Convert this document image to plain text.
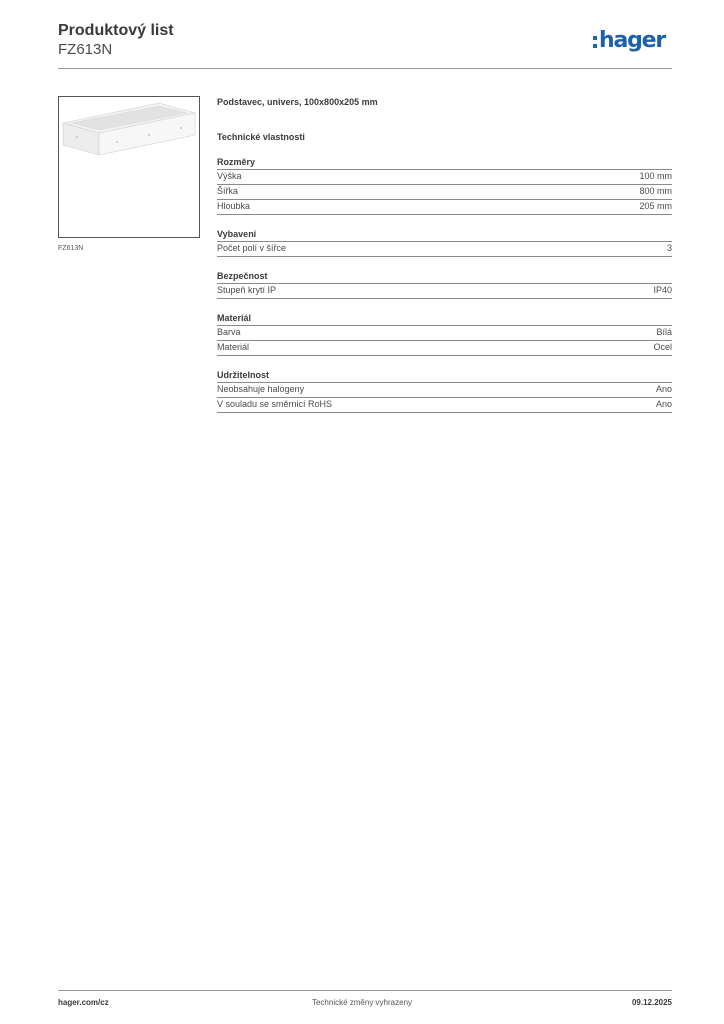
Produktový list
FZ613N	hager
FZ613N

Podstavec, univers, 100x800x205 mm

Technické vlastnosti
Rozměry
Výška	100 mm
Šířka	800 mm
Hloubka	205 mm
Vybavení
Počet polí v šířce	3
Bezpečnost
Stupeň krytí IP	IP40
Materiál
Barva	Bílá
Materiál	Ocel
Udržitelnost
Neobsahuje halogeny	Ano
V souladu se směrnicí RoHS	Ano
hager.com/cz	Technické změny vyhrazeny	09.12.2025
